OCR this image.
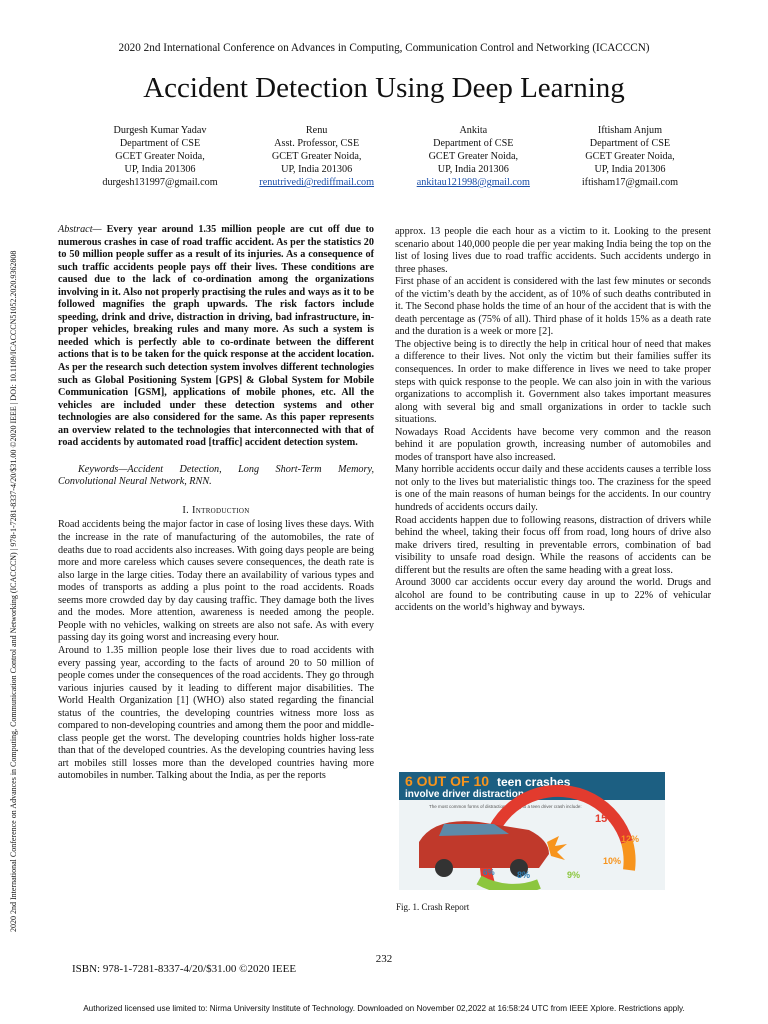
2020 2nd International Conference on Advances in Computing, Communication Control and Networking (ICACCCN)
Accident Detection Using Deep Learning
2020 2nd International Conference on Advances in Computing, Communication Control and Networking (ICACCCN) | 978-1-7281-8337-4/20/$31.00 ©2020 IEEE | DOI: 10.1109/ICACCCN51052.2020.9362808
Durgesh Kumar Yadav
Department of CSE
GCET Greater Noida,
UP, India 201306
durgesh131997@gmail.com
Renu
Asst. Professor, CSE
GCET Greater Noida,
UP, India 201306
renutrivedi@rediffmail.com
Ankita
Department of CSE
GCET Greater Noida,
UP, India 201306
ankitau121998@gmail.com
Iftisham Anjum
Department of CSE
GCET Greater Noida,
UP, India 201306
iftisham17@gmail.com

Abstract— Every year around 1.35 million people are cut off due to numerous crashes in case of road traffic accident. As per the statistics 20 to 50 million people suffer as a result of its injuries. As a consequence of such traffic accidents people pays off their lives. These conditions are caused due to the lack of co-ordination among the organizations involving in it. Also not properly practising the rules and ways as it to be followed magnifies the graph upwards. The risk factors include speeding, drink and drive, distraction in driving, bad infrastructure, in-proper vehicles, breaking rules and many more. As such a system is needed which is perfectly able to co-ordinate between the different actions that is to be taken for the quick response at the accident location. As per the research such detection system involves different technologies such as Global Positioning System [GPS] & Global System for Mobile Communication [GSM], applications of mobile phones, etc. All the vehicles are included under these detection systems and other technologies are also considered for the same. As this paper represents an overview related to the technologies that interconnected with that of road accidents by automated road [traffic] accident detection system.

Keywords—Accident Detection, Long Short-Term Memory, Convolutional Neural Network, RNN.

I. Introduction

Road accidents being the major factor in case of losing lives these days. With the increase in the rate of manufacturing of the automobiles, the rate of deaths due to road accidents also increases. With going days people are being more and more careless which causes severe consequences, the death rate is also large in the large cities. Today there an availability of various types and modes of transports as adding a plus point to the road accidents. Roads seems more crowded day by day causing traffic. They damage both the lives and the modes. More attention, awareness is needed among the people. People with no vehicles, walking on streets are also not safe. As with every passing day its going worst and increasing every hour.

Around to 1.35 million people lose their lives due to road accidents with every passing year, according to the facts of around 20 to 50 million of people comes under the consequences of the road accidents. They go through various injuries caused by it leading to different major disabilities. The World Health Organization [1] (WHO) also stated regarding the financial status of the countries, the developing countries witness more loss as compared to non-developing countries and among them the poor and middle-class people get the worst. The developing countries holds higher loss-rate than that of the developed countries. As the developing countries having less art mobiles still losses more than the developed countries having more automobiles in number. Talking about the India, as per the reports

approx. 13 people die each hour as a victim to it. Looking to the present scenario about 140,000 people die per year making India being the top on the list of losing lives due to road traffic accidents. Such accidents undergo in three phases.

First phase of an accident is considered with the last few minutes or seconds of the victim’s death by the accident, as of 10% of such deaths contributed in it. The Second phase holds the time of an hour of the accident that is with the death percentage as (75% of all). Third phase of it holds 15% as a death rate and the duration is a week or more [2].

The objective being is to directly the help in critical hour of need that makes a difference to their lives. Not only the victim but their families suffer its consequences. In order to make difference in lives we need to take proper steps with quick response to the people. We can also join in with the various organizations to accomplish it. Government also takes important measures along with several big and small organizations in order to tackle such situations.

Nowadays Road Accidents have become very common and the reason behind it are population growth, increasing number of automobiles and modes of transport have also increased.

Many horrible accidents occur daily and these accidents causes a terrible loss not only to the lives but materialistic things too. The craziness for the speed is one of the main reasons of human beings for the accidents. In our country hundreds of accidents occurs daily.

Road accidents happen due to following reasons, distraction of drivers while behind the wheel, taking their focus off from road, long hours of drive also make drivers tired, resulting in preventable errors, combination of bad visibility to unsafe road design. While the reasons of accidents can be different but the results are often the same heading with a great loss.

Around 3000 car accidents occur every day around the world. Drugs and alcohol are found to be contributing cause in up to 22% of vehicular accidents on the world’s highway and byways.

6 OUT OF 10 teen crashes
involve driver distraction.
The most common forms of distraction leading to a teen driver crash include:
15%
12%
10%
9%
8%
6%
Fig. 1. Crash Report
232
ISBN: 978-1-7281-8337-4/20/$31.00 ©2020 IEEE
Authorized licensed use limited to: Nirma University Institute of Technology. Downloaded on November 02,2022 at 16:58:24 UTC from IEEE Xplore. Restrictions apply.
